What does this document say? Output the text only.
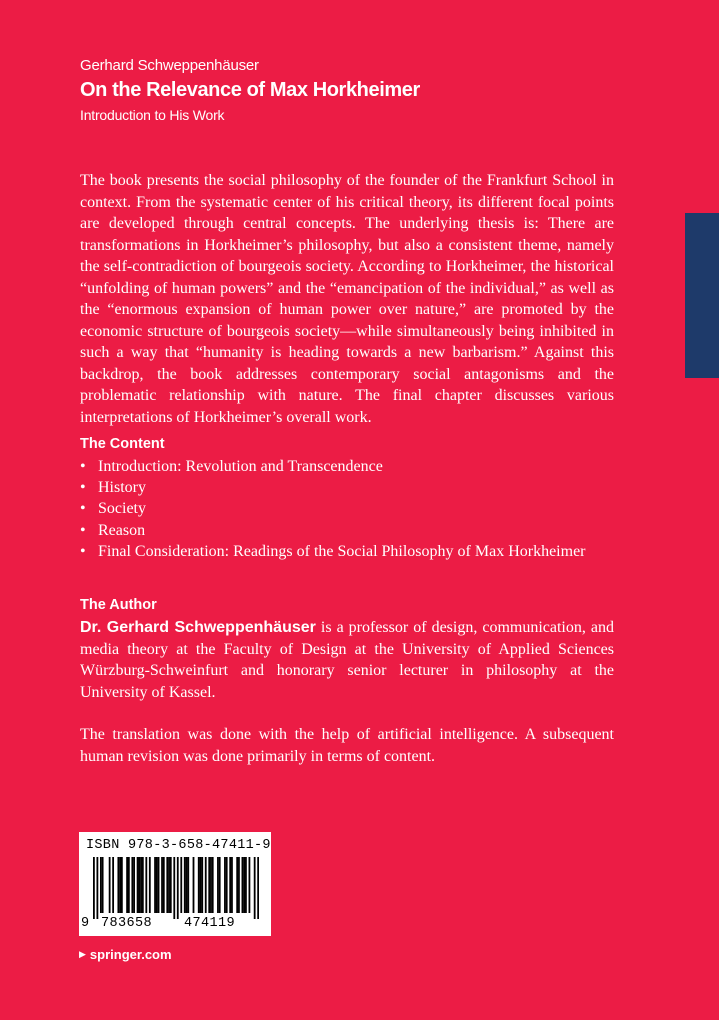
Gerhard Schweppenhäuser
On the Relevance of Max Horkheimer
Introduction to His Work
The book presents the social philosophy of the founder of the Frankfurt School in context. From the systematic center of his critical theory, its different focal points are developed through central concepts. The underlying thesis is: There are transformations in Horkheimer’s philosophy, but also a consistent theme, namely the self-contradiction of bourgeois society. According to Horkheimer, the historical “unfolding of human powers” and the “emancipation of the individual,” as well as the “enormous expansion of human power over nature,” are promoted by the economic structure of bourgeois society—while simultaneously being inhibited in such a way that “humanity is heading towards a new barbarism.” Against this backdrop, the book addresses contemporary social antagonisms and the problematic relationship with nature. The final chapter discusses various interpretations of Horkheimer’s overall work.
The Content
• Introduction: Revolution and Transcendence
• History
• Society
• Reason
• Final Consideration: Readings of the Social Philosophy of Max Horkheimer
The Author
Dr. Gerhard Schweppenhäuser is a professor of design, communication, and media theory at the Faculty of Design at the University of Applied Sciences Würzburg-Schweinfurt and honorary senior lecturer in philosophy at the University of Kassel.
The translation was done with the help of artificial intelligence. A subsequent human revision was done primarily in terms of content.
ISBN 978-3-658-47411-9
9 783658 474119
▶ springer.com
